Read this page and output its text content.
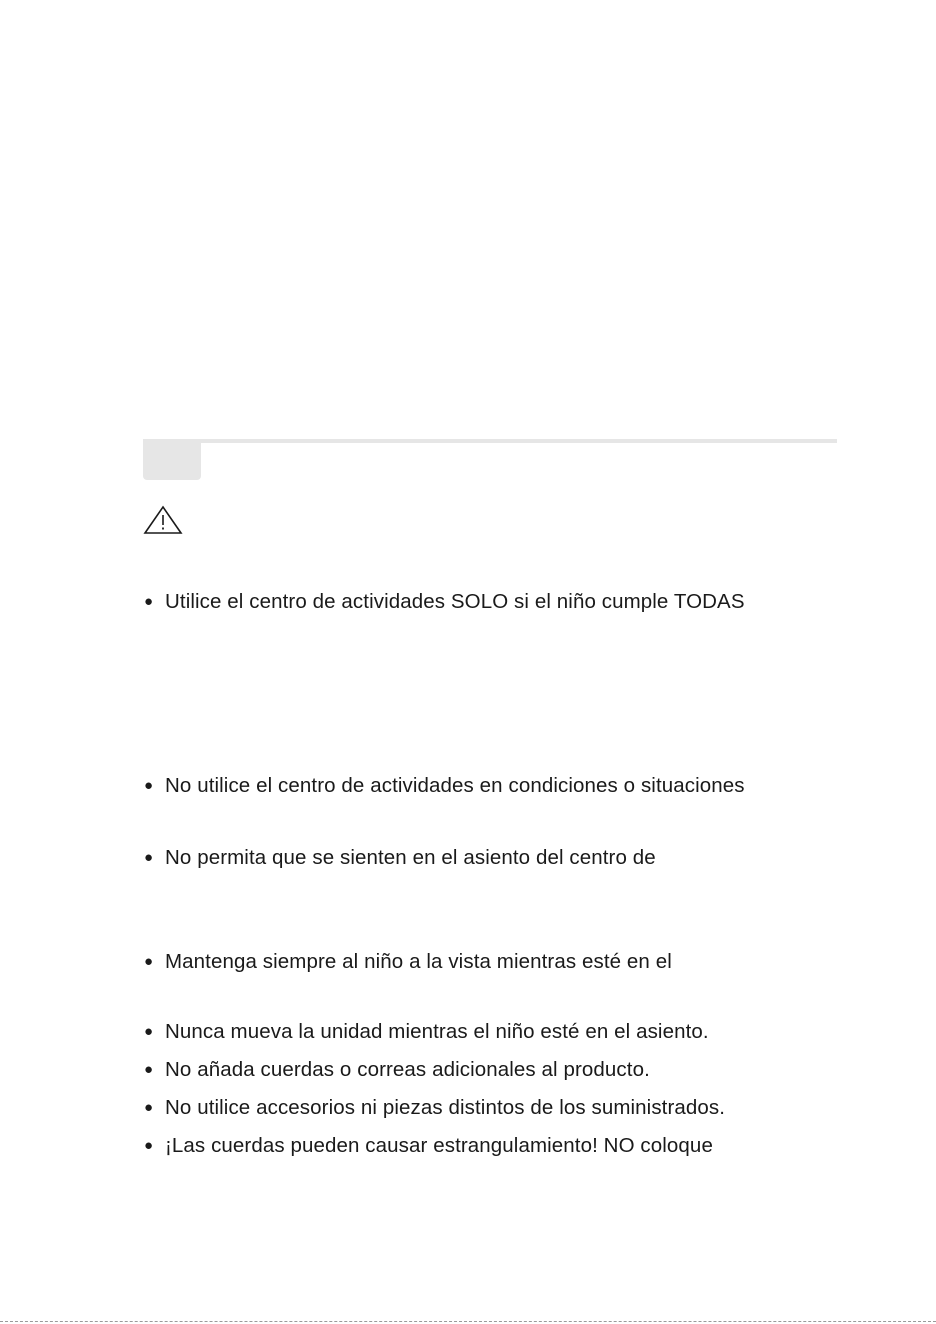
● Utilice el centro de actividades SOLO si el niño cumple TODAS
● No utilice el centro de actividades en condiciones o situaciones
● No permita que se sienten en el asiento del centro de
● Mantenga siempre al niño a la vista mientras esté en el
● Nunca mueva la unidad mientras el niño esté en el asiento.
● No añada cuerdas o correas adicionales al producto.
● No utilice accesorios ni piezas distintos de los suministrados.
● ¡Las cuerdas pueden causar estrangulamiento! NO coloque
